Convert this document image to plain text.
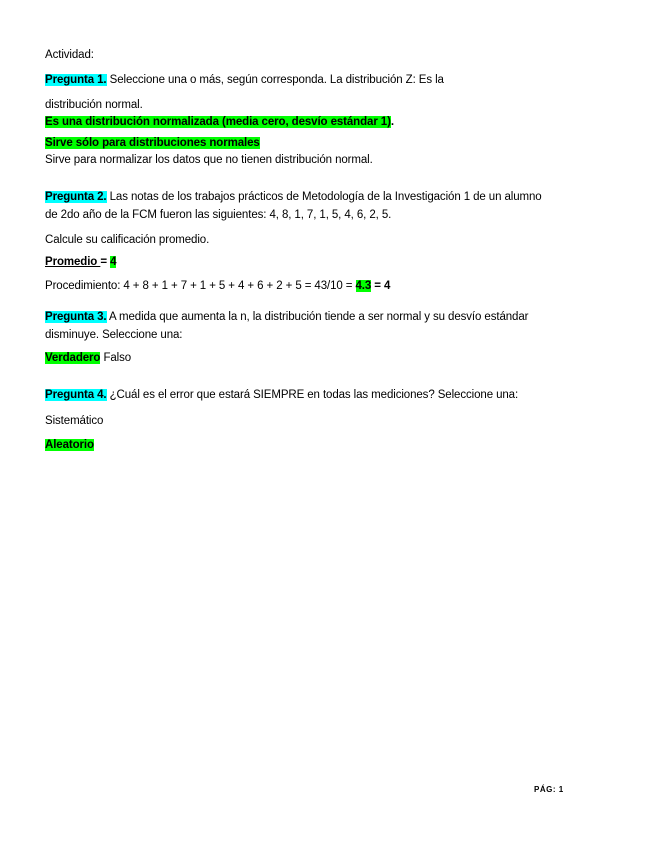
Actividad:
Pregunta 1. Seleccione una o más, según corresponda. La distribución Z: Es la
distribución normal.
Es una distribución normalizada (media cero, desvío estándar 1).
Sirve sólo para distribuciones normales
Sirve para normalizar los datos que no tienen distribución normal.
Pregunta 2. Las notas de los trabajos prácticos de Metodología de la Investigación 1 de un alumno
de 2do año de la FCM fueron las siguientes: 4, 8, 1, 7, 1, 5, 4, 6, 2, 5.
Calcule su calificación promedio.
Promedio = 4
Procedimiento: 4 + 8 + 1 + 7 + 1 + 5 + 4 + 6 + 2 + 5 = 43/10 = 4.3 = 4
Pregunta 3. A medida que aumenta la n, la distribución tiende a ser normal y su desvío estándar
disminuye. Seleccione una:
Verdadero Falso
Pregunta 4. ¿Cuál es el error que estará SIEMPRE en todas las mediciones? Seleccione una:
Sistemático
Aleatorio
PÁG: 1
